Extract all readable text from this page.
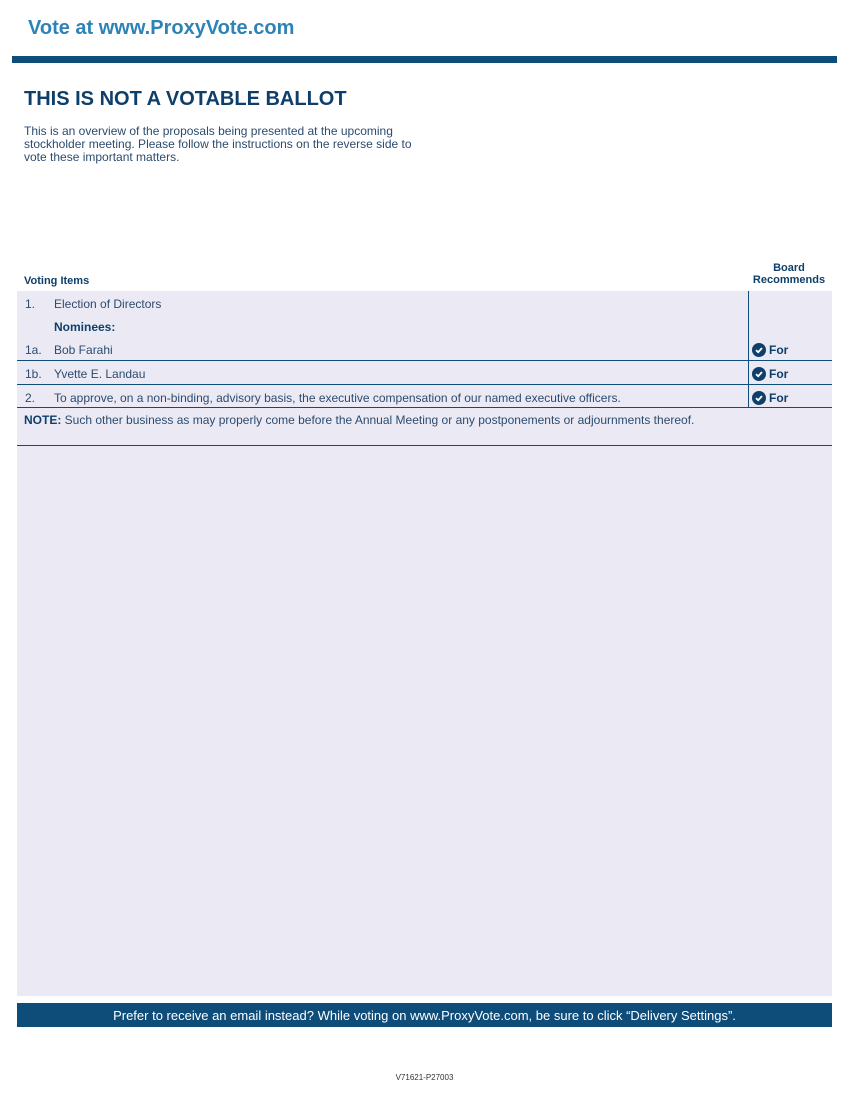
Vote at www.ProxyVote.com
THIS IS NOT A VOTABLE BALLOT
This is an overview of the proposals being presented at the upcoming stockholder meeting. Please follow the instructions on the reverse side to vote these important matters.
Voting Items
Board
Recommends
1. Election of Directors
Nominees:
1a. Bob Farahi	For
1b. Yvette E. Landau	For
2. To approve, on a non-binding, advisory basis, the executive compensation of our named executive officers.	For
NOTE: Such other business as may properly come before the Annual Meeting or any postponements or adjournments thereof.
Prefer to receive an email instead? While voting on www.ProxyVote.com, be sure to click “Delivery Settings”.
V71621-P27003
